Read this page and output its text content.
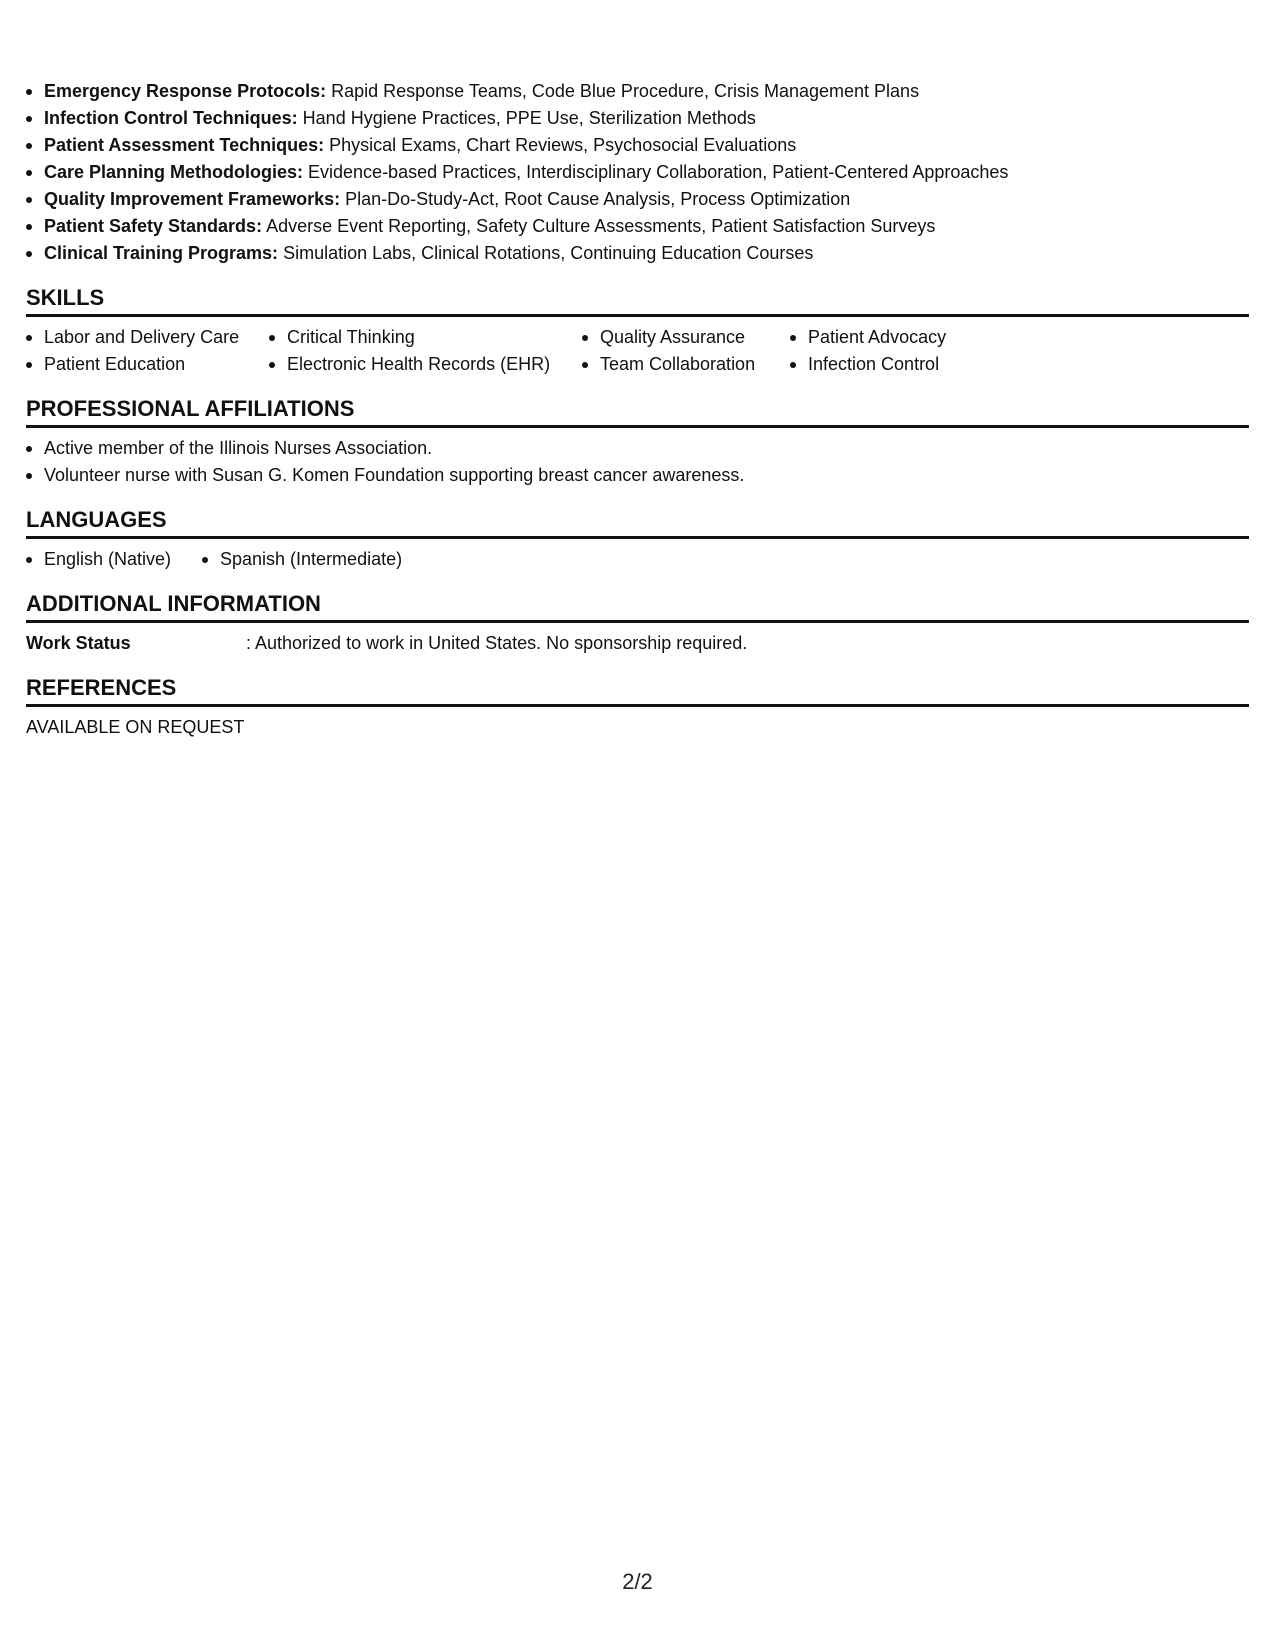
Emergency Response Protocols: Rapid Response Teams, Code Blue Procedure, Crisis Management Plans
Infection Control Techniques: Hand Hygiene Practices, PPE Use, Sterilization Methods
Patient Assessment Techniques: Physical Exams, Chart Reviews, Psychosocial Evaluations
Care Planning Methodologies: Evidence-based Practices, Interdisciplinary Collaboration, Patient-Centered Approaches
Quality Improvement Frameworks: Plan-Do-Study-Act, Root Cause Analysis, Process Optimization
Patient Safety Standards: Adverse Event Reporting, Safety Culture Assessments, Patient Satisfaction Surveys
Clinical Training Programs: Simulation Labs, Clinical Rotations, Continuing Education Courses
SKILLS
Labor and Delivery Care
Patient Education
Critical Thinking
Electronic Health Records (EHR)
Quality Assurance
Team Collaboration
Patient Advocacy
Infection Control
PROFESSIONAL AFFILIATIONS
Active member of the Illinois Nurses Association.
Volunteer nurse with Susan G. Komen Foundation supporting breast cancer awareness.
LANGUAGES
English (Native)	Spanish (Intermediate)
ADDITIONAL INFORMATION
Work Status	: Authorized to work in United States. No sponsorship required.
REFERENCES
AVAILABLE ON REQUEST
2/2
